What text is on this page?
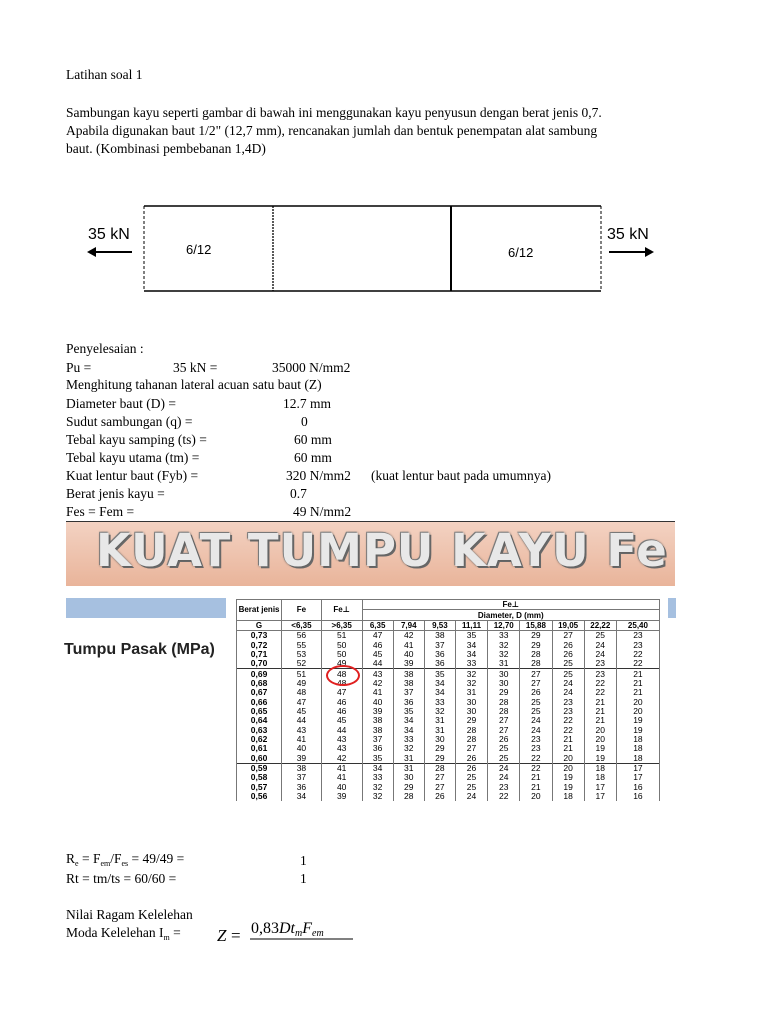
Latihan soal 1
Sambungan kayu seperti gambar di bawah ini menggunakan kayu penyusun dengan berat jenis 0,7.
Apabila digunakan baut 1/2" (12,7 mm), rencanakan jumlah dan bentuk penempatan alat sambung
baut. (Kombinasi pembebanan 1,4D)
35 kN	35 kN
6/12	6/12
Penyelesaian :
Pu =	35 kN =	35000 N/mm2
Menghitung tahanan lateral acuan satu baut (Z)
Diameter baut (D) =	12.7 mm
Sudut sambungan (q) =	0
Tebal kayu samping (ts) =	60 mm
Tebal kayu utama (tm) =	60 mm
Kuat lentur baut (Fyb) =	320 N/mm2 (kuat lentur baut pada umumnya)
Berat jenis kayu =	0.7
Fes = Fem =	49 N/mm2
KUAT TUMPU KAYU Fe
Tumpu Pasak (MPa)
Berat jenis	Fe	Fe⊥	Fe⊥								
			Diameter, D (mm)								
G	<6,35	>6,35	6,35	7,94	9,53	11,11	12,70	15,88	19,05	22,22	25,40
0,73	56	51	47	42	38	35	33	29	27	25	23
0,72	55	50	46	41	37	34	32	29	26	24	23
0,71	53	50	45	40	36	34	32	28	26	24	22
0,70	52	49	44	39	36	33	31	28	25	23	22
0,69	51	48	43	38	35	32	30	27	25	23	21
0,68	49	48	42	38	34	32	30	27	24	22	21
0,67	48	47	41	37	34	31	29	26	24	22	21
0,66	47	46	40	36	33	30	28	25	23	21	20
0,65	45	46	39	35	32	30	28	25	23	21	20
0,64	44	45	38	34	31	29	27	24	22	21	19
0,63	43	44	38	34	31	28	27	24	22	20	19
0,62	41	43	37	33	30	28	26	23	21	20	18
0,61	40	43	36	32	29	27	25	23	21	19	18
0,60	39	42	35	31	29	26	25	22	20	19	18
0,59	38	41	34	31	28	26	24	22	20	18	17
0,58	37	41	33	30	27	25	24	21	19	18	17
0,57	36	40	32	29	27	25	23	21	19	17	16
0,56	34	39	32	28	26	24	22	20	18	17	16
$R_e = F_{em}/F_{es} = 49/49$ =	1
Rt = tm/ts = 60/60 =	1
Nilai Ragam Kelelehan
Moda Kelelehan $I_m = Z$ = 0,83DtmFem
